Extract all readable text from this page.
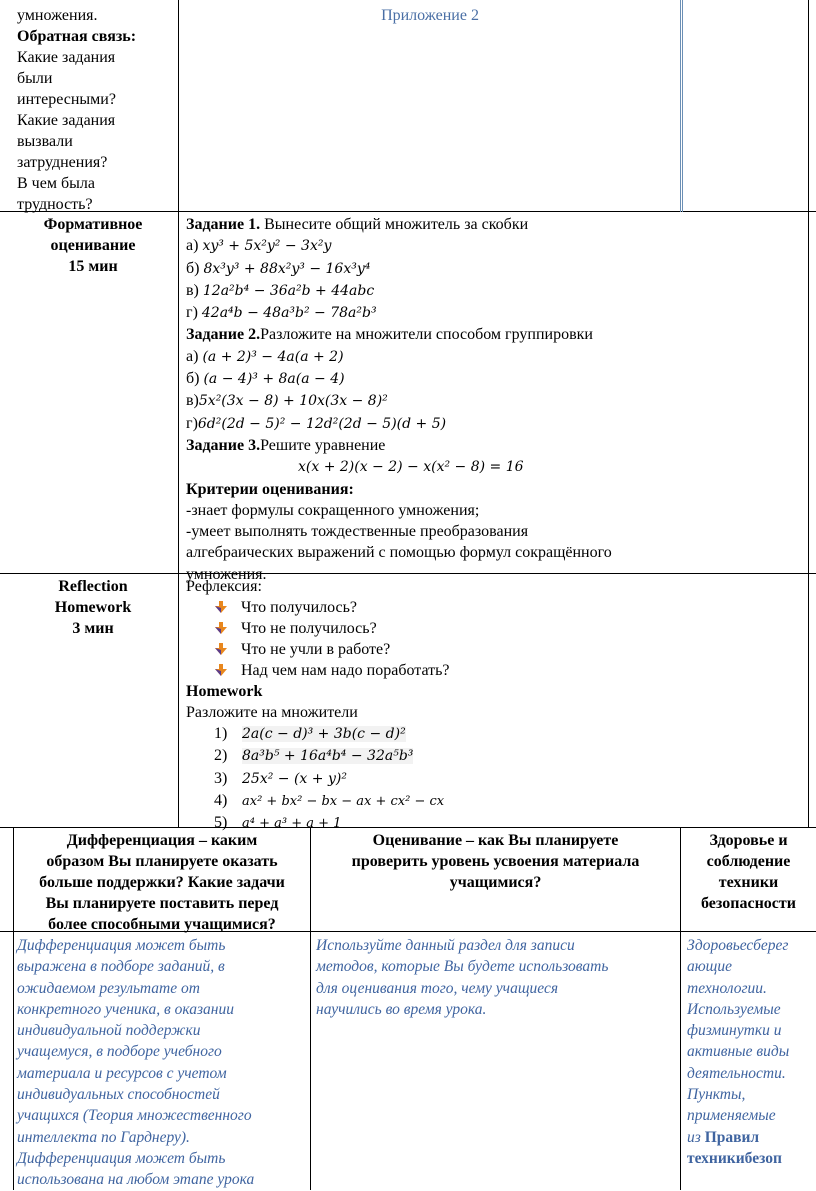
умножения.
Обратная связь:
Какие задания
были
интересными?
Какие задания
вызвали
затруднения?
В чем была
трудность?
Приложение 2
Формативное
оценивание
15 мин
Задание 1. Вынесите общий множитель за скобки
а) xy³ + 5x²y² − 3x²y
б) 8x³y³ + 88x²y³ − 16x³y⁴
в) 12a²b⁴ − 36a²b + 44abc
г) 42a⁴b − 48a³b² − 78a²b³
Задание 2.Разложите на множители способом группировки
а) (a + 2)³ − 4a(a + 2)
б) (a − 4)³ + 8a(a − 4)
в)5x²(3x − 8) + 10x(3x − 8)²
г)6d²(2d − 5)² − 12d²(2d − 5)(d + 5)
Задание 3.Решите уравнение
x(x + 2)(x − 2) − x(x² − 8) = 16
Критерии оценивания:
-знает формулы сокращенного умножения;
-умеет выполнять тождественные преобразования
алгебраических выражений с помощью формул сокращённого
умножения.
Reflection
Homework
3 мин
Рефлексия:
Что получилось?
Что не получилось?
Что не учли в работе?
Над чем нам надо поработать?
Homework
Разложите на множители
1) 2a(c − d)³ + 3b(c − d)²
2) 8a³b⁵ + 16a⁴b⁴ − 32a⁵b³
3) 25x² − (x + y)²
4) ax² + bx² − bx − ax + cx² − cx
5) a⁴ + a³ + a + 1
Дифференциация – каким
образом Вы планируете оказать
больше поддержки? Какие задачи
Вы планируете поставить перед
более способными учащимися?
Оценивание – как Вы планируете
проверить уровень усвоения материала
учащимися?
Здоровье и
соблюдение
техники
безопасности
Дифференциация может быть
выражена в подборе заданий, в
ожидаемом результате от
конкретного ученика, в оказании
индивидуальной поддержки
учащемуся, в подборе учебного
материала и ресурсов с учетом
индивидуальных способностей
учащихся (Теория множественного
интеллекта по Гарднеру).
Дифференциация может быть
использована на любом этапе урока
Используйте данный раздел для записи
методов, которые Вы будете использовать
для оценивания того, чему учащиеся
научились во время урока.
Здоровьесберег
ающие
технологии.
Используемые
физминутки и
активные виды
деятельности.
Пункты,
применяемые
из Правил
техникибезоп
